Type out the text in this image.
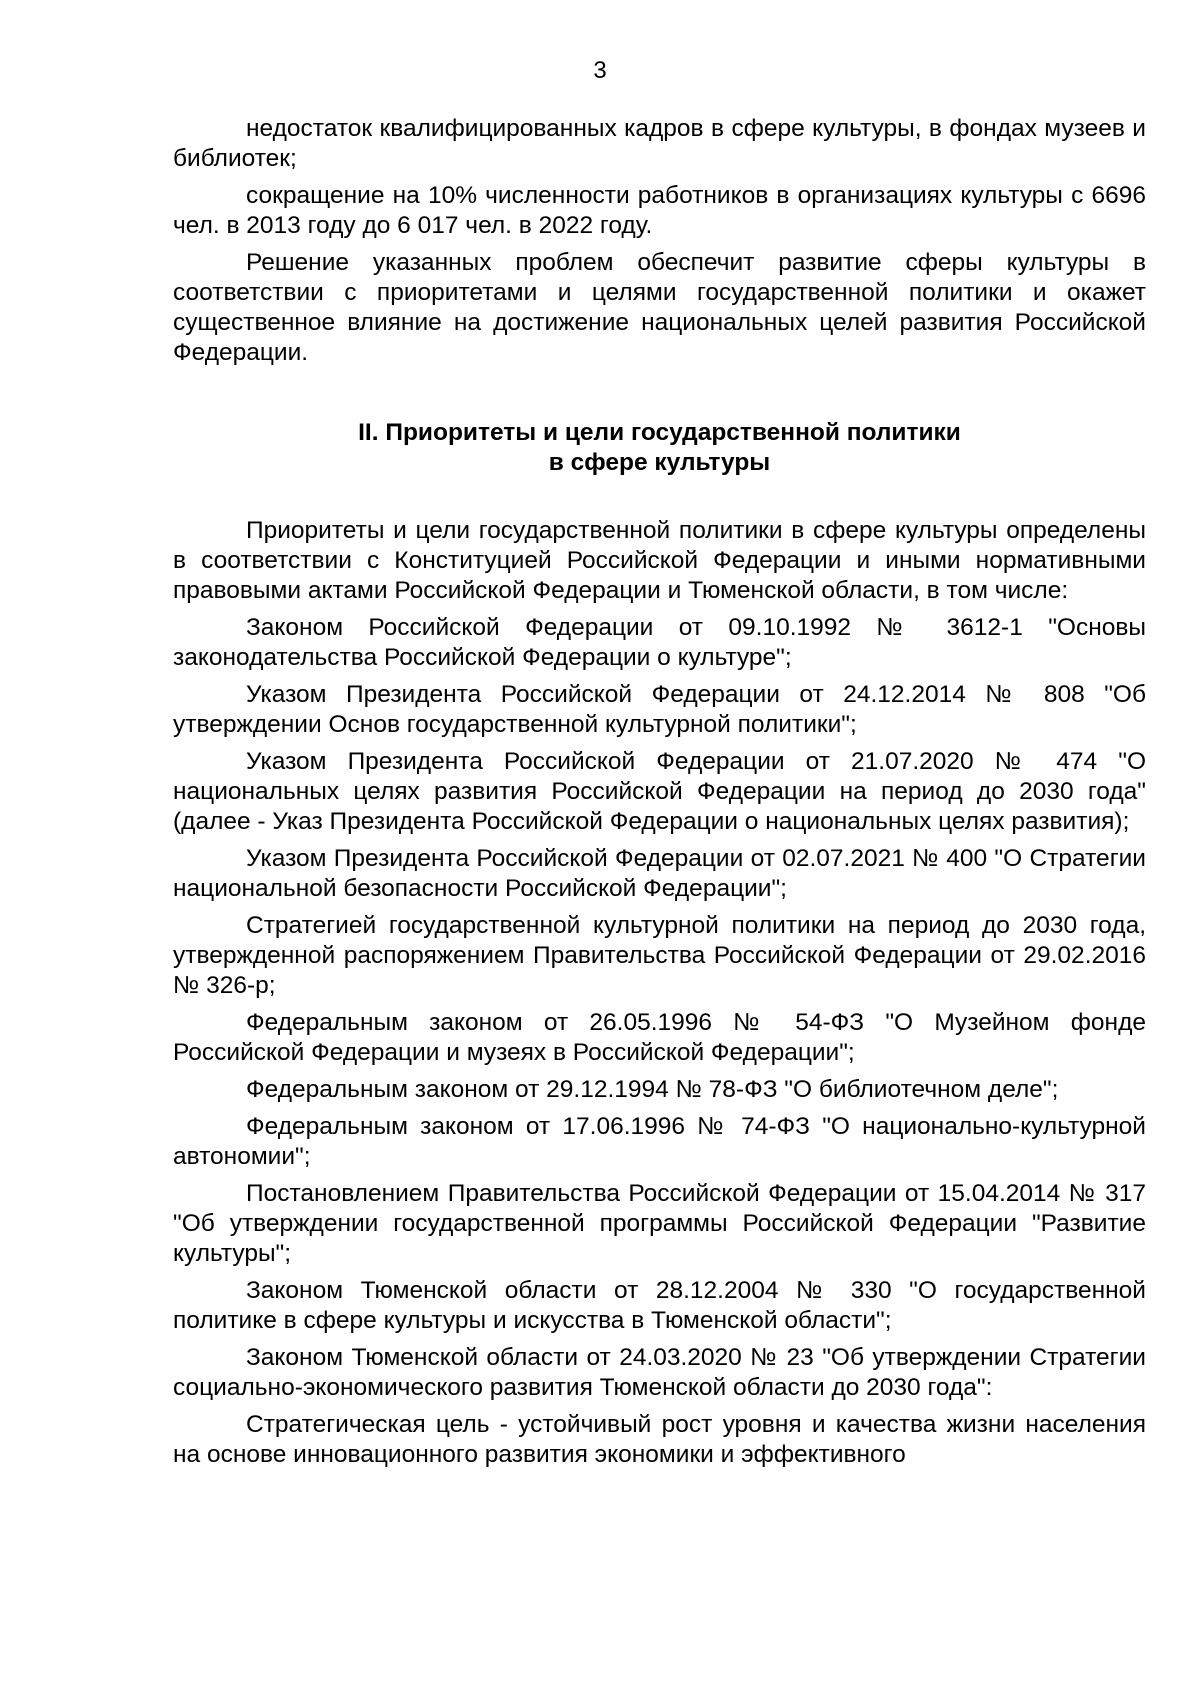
3

недостаток квалифицированных кадров в сфере культуры, в фондах музеев и библиотек;

сокращение на 10% численности работников в организациях культуры с 6696 чел. в 2013 году до 6 017 чел. в 2022 году.

Решение указанных проблем обеспечит развитие сферы культуры в соответствии с приоритетами и целями государственной политики и окажет существенное влияние на достижение национальных целей развития Российской Федерации.

II. Приоритеты и цели государственной политики
в сфере культуры

Приоритеты и цели государственной политики в сфере культуры определены в соответствии с Конституцией Российской Федерации и иными нормативными правовыми актами Российской Федерации и Тюменской области, в том числе:

Законом Российской Федерации от 09.10.1992 № 3612-1 "Основы законодательства Российской Федерации о культуре";

Указом Президента Российской Федерации от 24.12.2014 № 808 "Об утверждении Основ государственной культурной политики";

Указом Президента Российской Федерации от 21.07.2020 № 474 "О национальных целях развития Российской Федерации на период до 2030 года" (далее - Указ Президента Российской Федерации о национальных целях развития);

Указом Президента Российской Федерации от 02.07.2021 № 400 "О Стратегии национальной безопасности Российской Федерации";

Стратегией государственной культурной политики на период до 2030 года, утвержденной распоряжением Правительства Российской Федерации от 29.02.2016 № 326-р;

Федеральным законом от 26.05.1996 № 54-ФЗ "О Музейном фонде Российской Федерации и музеях в Российской Федерации";

Федеральным законом от 29.12.1994 № 78-ФЗ "О библиотечном деле";

Федеральным законом от 17.06.1996 № 74-ФЗ "О национально-культурной автономии";

Постановлением Правительства Российской Федерации от 15.04.2014 № 317 "Об утверждении государственной программы Российской Федерации "Развитие культуры";

Законом Тюменской области от 28.12.2004 № 330 "О государственной политике в сфере культуры и искусства в Тюменской области";

Законом Тюменской области от 24.03.2020 № 23 "Об утверждении Стратегии социально-экономического развития Тюменской области до 2030 года":

Стратегическая цель - устойчивый рост уровня и качества жизни населения на основе инновационного развития экономики и эффективного
